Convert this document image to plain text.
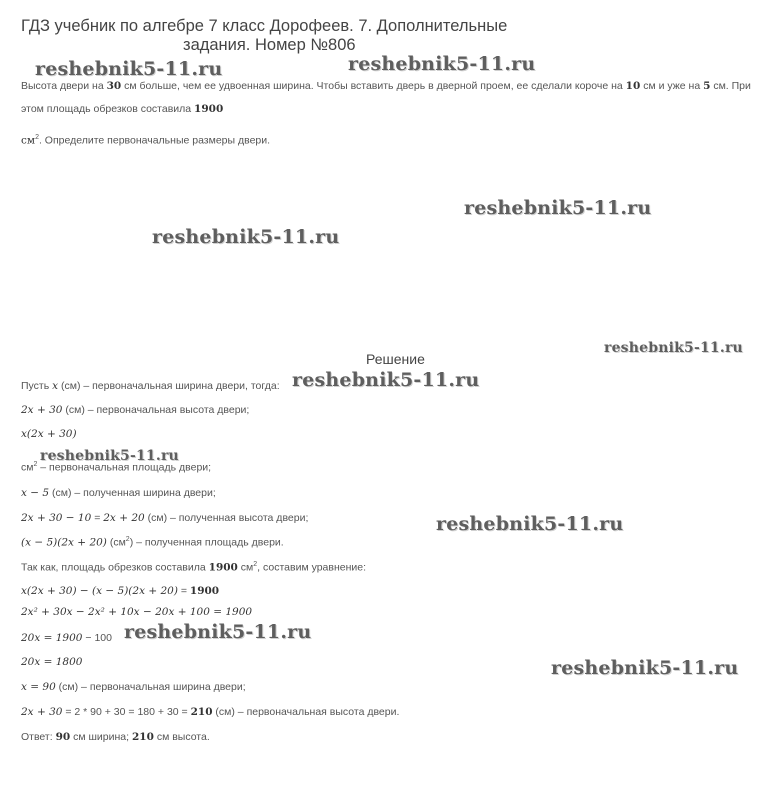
ГДЗ учебник по алгебре 7 класс Дорофеев. 7. Дополнительные
задания. Номер №806
reshebnik5-11.ru	reshebnik5-11.ru
reshebnik5-11.ru
reshebnik5-11.ru
reshebnik5-11.ru
reshebnik5-11.ru
reshebnik5-11.ru
reshebnik5-11.ru
reshebnik5-11.ru
reshebnik5-11.ru
Высота двери на 30 см больше, чем ее удвоенная ширина. Чтобы вставить дверь в дверной проем, ее сделали короче на 10 см и уже на 5 см. При
этом площадь обрезков составила 1900
$см^2$. Определите первоначальные размеры двери.
Решение
Пусть x (см) – первоначальная ширина двери, тогда:
2x + 30 (см) – первоначальная высота двери;
x(2x + 30)
$см^2$ – первоначальная площадь двери;
x − 5 (см) – полученная ширина двери;
2x + 30 − 10 = 2x + 20 (см) – полученная высота двери;
(x − 5)(2x + 20) $(см^2)$ – полученная площадь двери.
Так как, площадь обрезков составила 1900 $см^2$, составим уравнение:
x(2x + 30) − (x − 5)(2x + 20) = 1900
2x² + 30x − 2x² + 10x − 20x + 100 = 1900
20x = 1900 − 100
20x = 1800
x = 90 (см) – первоначальная ширина двери;
2x + 30 = 2 * 90 + 30 = 180 + 30 = 210 (см) – первоначальная высота двери.
Ответ: 90 см ширина; 210 см высота.
